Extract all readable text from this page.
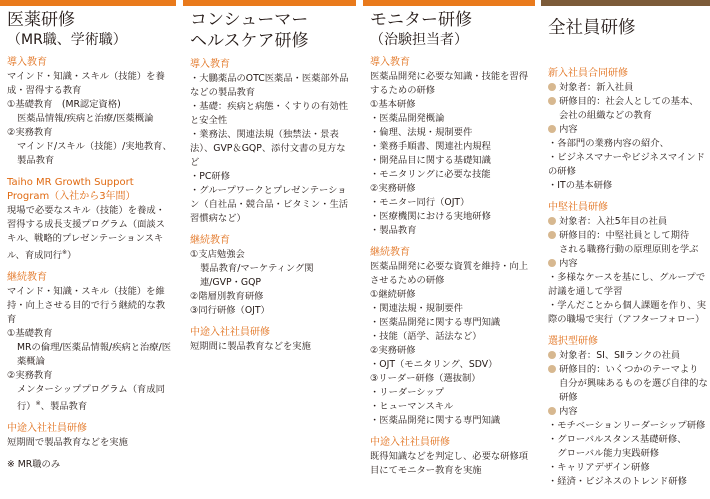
医薬研修
（MR職、学術職）
導入教育

マインド・知識・スキル（技能）を養成・習得する教育

①基礎教育　(MR認定資格)

医薬品情報/疾病と治療/医薬概論

②実務教育

マインド/スキル（技能）/実地教育、製品教育

Taiho MR Growth Support Program（入社から3年間）

現場で必要なスキル（技能）を養成・習得する成長支援プログラム（面談スキル、戦略的プレゼンテーションスキル、育成同行※）

継続教育

マインド・知識・スキル（技能）を維持・向上させる目的で行う継続的な教育

①基礎教育

MRの倫理/医薬品情報/疾病と治療/医薬概論

②実務教育

メンターシッププログラム（育成同行）※、製品教育

中途入社社員研修

短期間で製品教育などを実施

※ MR職のみ
コンシューマー
ヘルスケア研修
導入教育

・大鵬薬品のOTC医薬品・医薬部外品などの製品教育

・基礎：疾病と病態・くすりの有効性と安全性

・業務法、関連法規（独禁法・景表法）、GVP＆GQP、添付文書の見方など

・PC研修

・グループワークとプレゼンテーション（自社品・競合品・ビタミン・生活習慣病など）

継続教育

①支店勉強会

製品教育/マーケティング関連/GVP・GQP

②階層別教育研修

③同行研修（OJT）

中途入社社員研修

短期間に製品教育などを実施

モニター研修
（治験担当者）
導入教育

医薬品開発に必要な知識・技能を習得するための研修

①基本研修

・医薬品開発概論

・倫理、法規・規制要件

・業務手順書、関連社内規程

・開発品目に関する基礎知識

・モニタリングに必要な技能

②実務研修

・モニター同行（OJT）

・医療機関における実地研修

・製品教育

継続教育

医薬品開発に必要な資質を維持・向上させるための研修

①継続研修

・関連法規・規制要件

・医薬品開発に関する専門知識

・技能（語学、話法など）

②実務研修

・OJT（モニタリング、SDV）

③リーダー研修（選抜制）

・リーダーシップ

・ヒューマンスキル

・医薬品開発に関する専門知識

中途入社社員研修

既得知識などを判定し、必要な研修項目にてモニター教育を実施

全社員研修
新入社員合同研修

対象者：新入社員

研修目的：社会人としての基本、

会社の組織などの教育

内容

・各部門の業務内容の紹介、

・ビジネスマナーやビジネスマインドの研修

・ITの基本研修

中堅社員研修

対象者：入社5年目の社員

研修目的：中堅社員として期待

される職務行動の原理原則を学ぶ

内容

・多様なケースを基にし、グループで討議を通して学習

・学んだことから個人課題を作り、実際の職場で実行（アフターフォロー）

選択型研修

対象者：SⅠ、SⅡランクの社員

研修目的：いくつかのテーマより

自分が興味あるものを選び自律的な研修

内容

・モチベーションリーダーシップ研修

・グローバルスタンス基礎研修、

　グローバル能力実践研修

・キャリアデザイン研修

・経済・ビジネスのトレンド研修
